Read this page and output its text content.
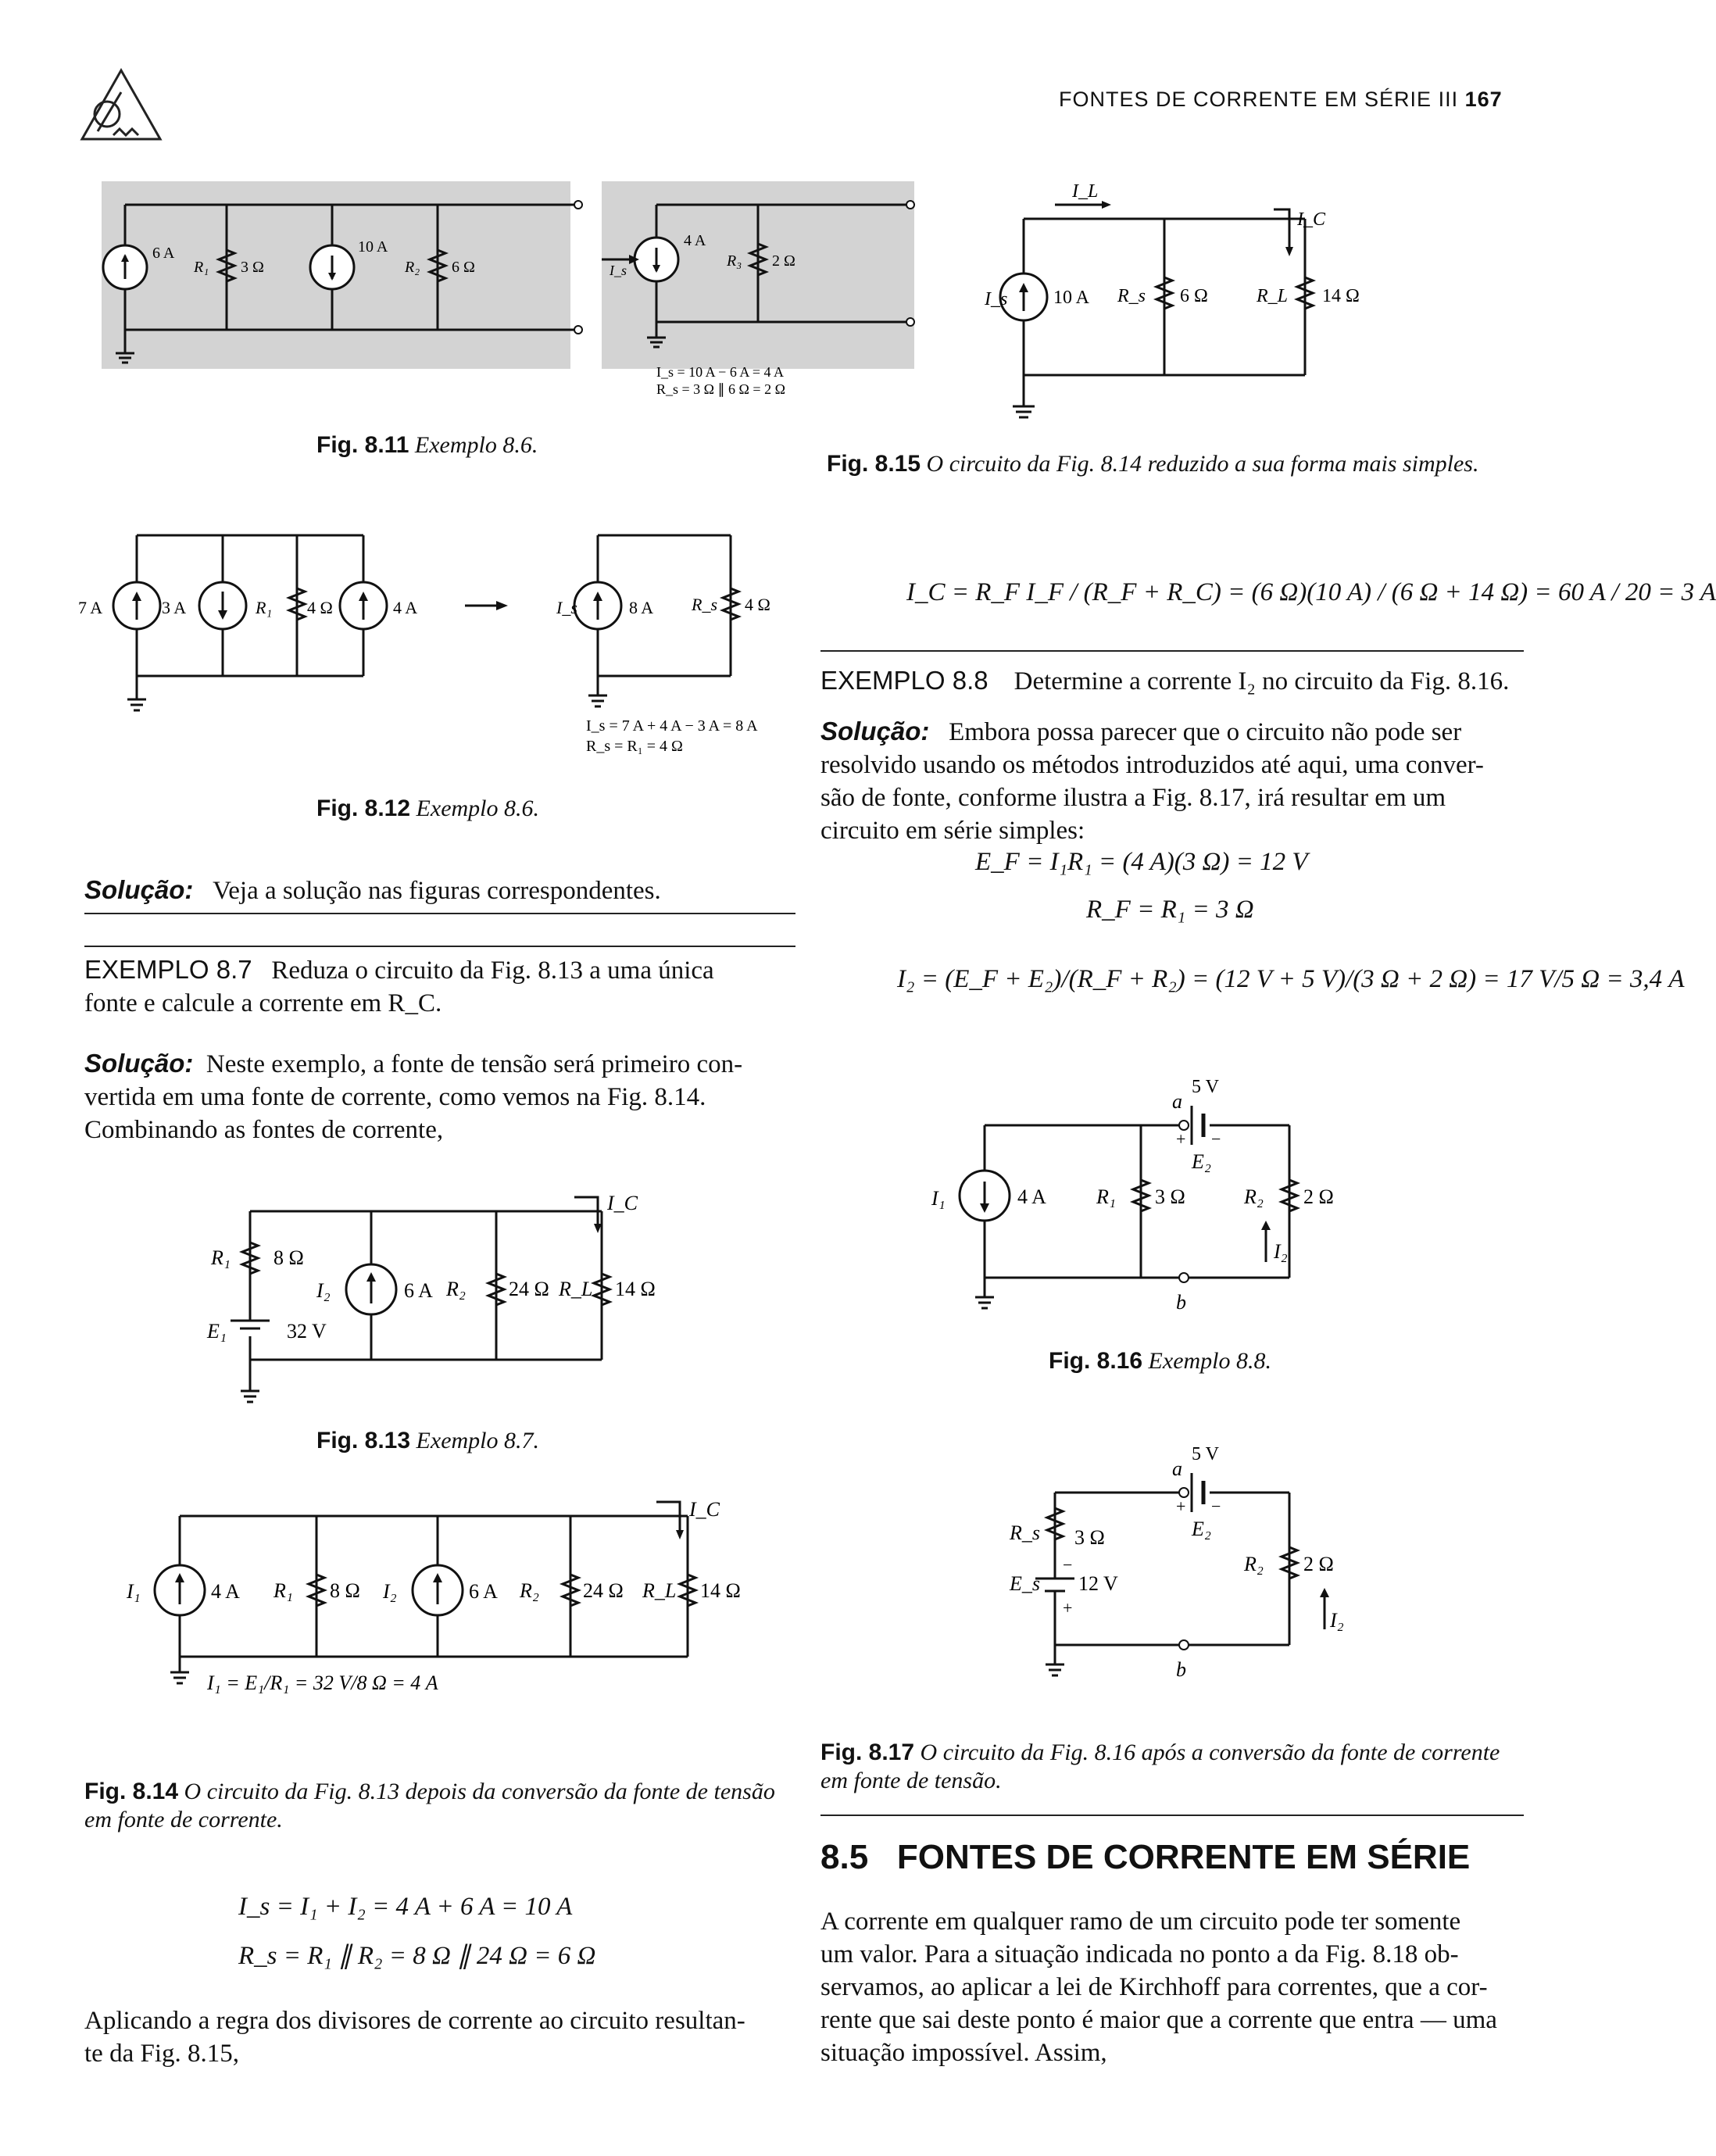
FONTES DE CORRENTE EM SÉRIE III 167
6 A
R₁ 3 Ω
10 A
R₂ 6 Ω
4 A
I_s
R₃ 2 Ω
I_s = 10 A − 6 A = 4 A
R_s = 3 Ω ∥ 6 Ω = 2 Ω
Fig. 8.11 Exemplo 8.6.
I_s 10 A R_s 6 Ω	R_L 14 Ω
I_L
I_C
Fig. 8.15 O circuito da Fig. 8.14 reduzido a sua forma mais simples.
7 A	3 A	R₁ 4 Ω	4 A	I_s	8 A R_s 4 Ω
I_s = 7 A + 4 A − 3 A = 8 A
R_s = R₁ = 4 Ω
Fig. 8.12 Exemplo 8.6.
Solução: Veja a solução nas figuras correspondentes.
EXEMPLO 8.7 Reduza o circuito da Fig. 8.13 a uma única
fonte e calcule a corrente em R_C.
Solução: Neste exemplo, a fonte de tensão será primeiro con-
vertida em uma fonte de corrente, como vemos na Fig. 8.14.
Combinando as fontes de corrente,
R₁ 8 Ω
E₁	32 V
I₂	6 A R₂ 24 Ω R_L 14 Ω
I_C
Fig. 8.13 Exemplo 8.7.
I₁	4 A R₁ 8 Ω I₂	6 A R₂ 24 Ω R_L 14 Ω
I_C
I₁ = E₁/R₁ = 32 V/8 Ω = 4 A
Fig. 8.14 O circuito da Fig. 8.13 depois da conversão da fonte de tensão em fonte de corrente.
I_s = I₁ + I₂ = 4 A + 6 A = 10 A
R_s = R₁ ∥ R₂ = 8 Ω ∥ 24 Ω = 6 Ω
Aplicando a regra dos divisores de corrente ao circuito resultan-
te da Fig. 8.15,
I_C = R_F I_F / (R_F + R_C) = (6 Ω)(10 A) / (6 Ω + 14 Ω) = 60 A / 20 = 3 A
EXEMPLO 8.8 Determine a corrente I₂ no circuito da Fig. 8.16.
Solução: Embora possa parecer que o circuito não pode ser
resolvido usando os métodos introduzidos até aqui, uma conver-
são de fonte, conforme ilustra a Fig. 8.17, irá resultar em um
circuito em série simples:
E_F = I₁R₁ = (4 A)(3 Ω) = 12 V
R_F = R₁ = 3 Ω
I₂ = (E_F + E₂)/(R_F + R₂) = (12 V + 5 V)/(3 Ω + 2 Ω) = 17 V/5 Ω = 3,4 A
I₁	4 A R₁ 3 Ω	R₂ 2 Ω
a
b
5 V
+ −
E₂
I₂
Fig. 8.16 Exemplo 8.8.
R_s 3 Ω
E_s 12 V
−
+
R₂ 2 Ω
a
b
5 V
+ −
E₂
I₂
Fig. 8.17 O circuito da Fig. 8.16 após a conversão da fonte de corrente em fonte de tensão.
8.5 FONTES DE CORRENTE EM SÉRIE
A corrente em qualquer ramo de um circuito pode ter somente
um valor. Para a situação indicada no ponto a da Fig. 8.18 ob-
servamos, ao aplicar a lei de Kirchhoff para correntes, que a cor-
rente que sai deste ponto é maior que a corrente que entra — uma
situação impossível. Assim,
